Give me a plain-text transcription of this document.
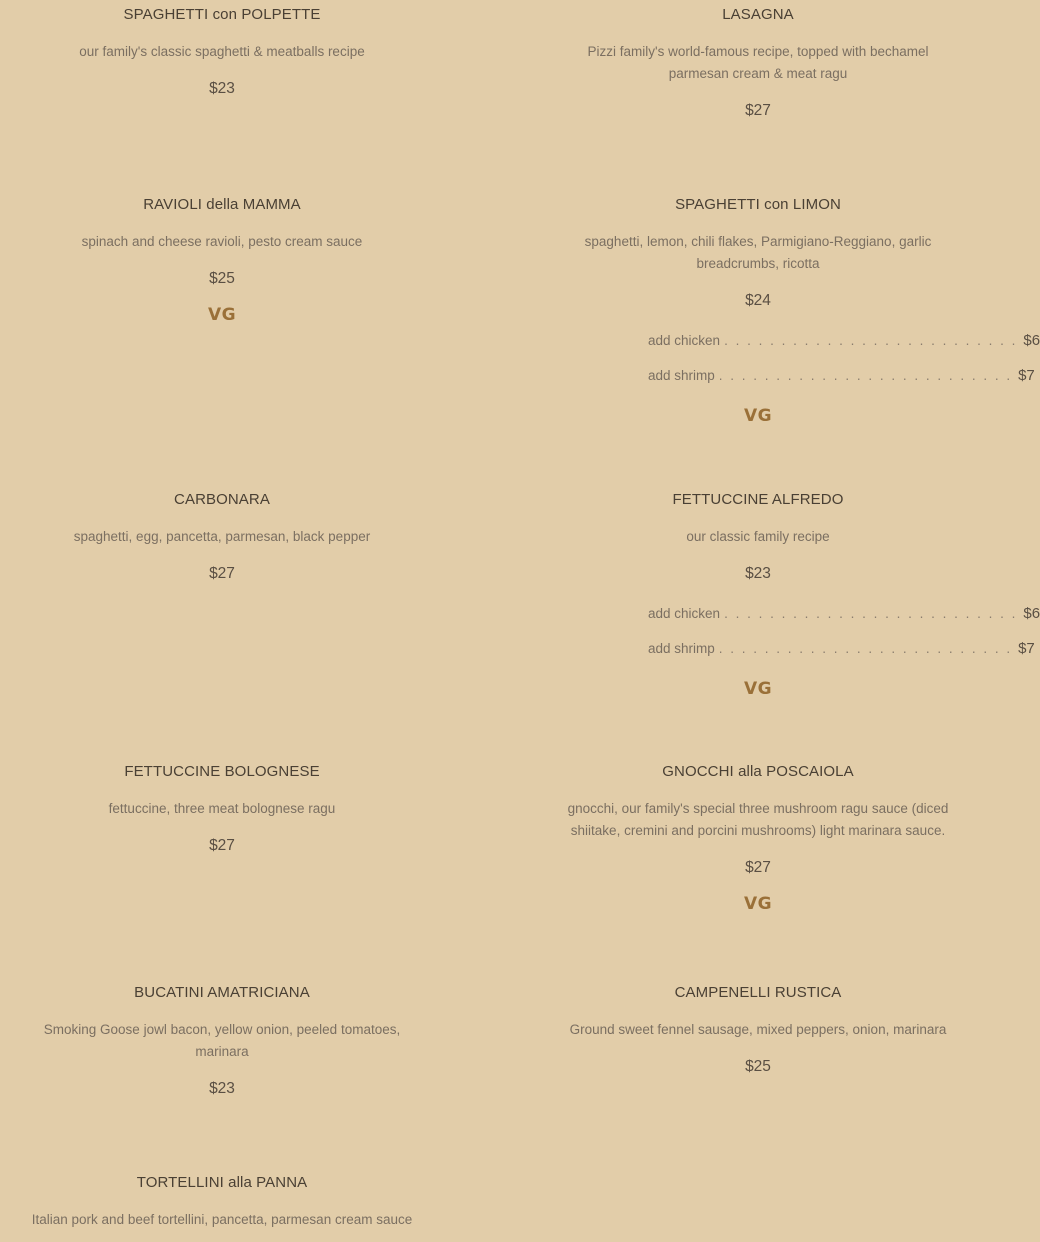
SPAGHETTI con POLPETTE
our family's classic spaghetti & meatballs recipe
$23
LASAGNA
Pizzi family's world-famous recipe, topped with bechamel parmesan cream & meat ragu
$27
RAVIOLI della MAMMA
spinach and cheese ravioli, pesto cream sauce
$25
VG
SPAGHETTI con LIMON
spaghetti, lemon, chili flakes, Parmigiano-Reggiano, garlic breadcrumbs, ricotta
$24
add chicken . . . . . . . . . . . . . . . . . . . . . . . . . . $6
add shrimp . . . . . . . . . . . . . . . . . . . . . . . . . . $7
VG
CARBONARA
spaghetti, egg, pancetta, parmesan, black pepper
$27
FETTUCCINE ALFREDO
our classic family recipe
$23
add chicken . . . . . . . . . . . . . . . . . . . . . . . . . . $6
add shrimp . . . . . . . . . . . . . . . . . . . . . . . . . . $7
VG
FETTUCCINE BOLOGNESE
fettuccine, three meat bolognese ragu
$27
GNOCCHI alla POSCAIOLA
gnocchi, our family's special three mushroom ragu sauce (diced shiitake, cremini and porcini mushrooms) light marinara sauce.
$27
VG
BUCATINI AMATRICIANA
Smoking Goose jowl bacon, yellow onion, peeled tomatoes, marinara
$23
CAMPENELLI RUSTICA
Ground sweet fennel sausage, mixed peppers, onion, marinara
$25
TORTELLINI alla PANNA
Italian pork and beef tortellini, pancetta, parmesan cream sauce
